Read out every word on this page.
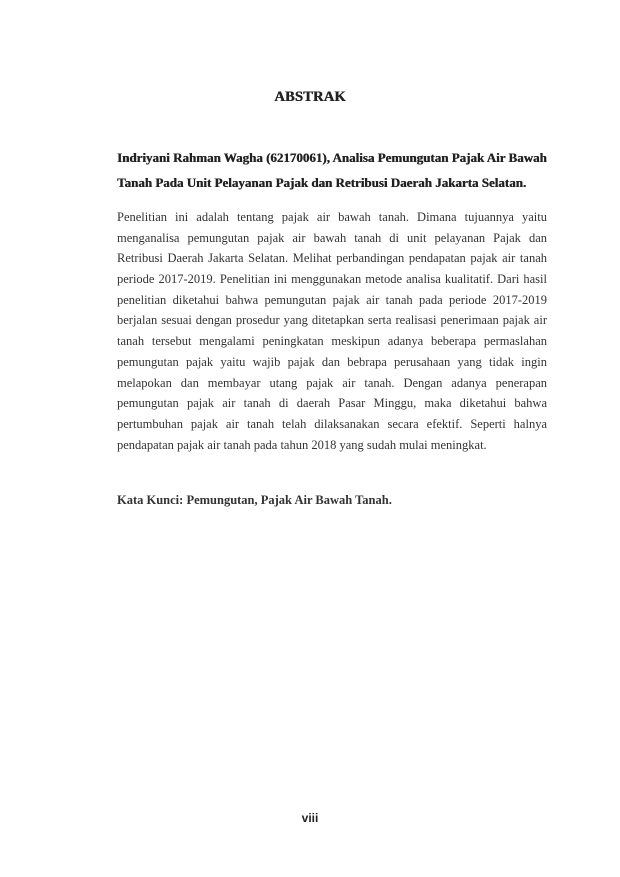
ABSTRAK
Indriyani Rahman Wagha (62170061), Analisa Pemungutan Pajak Air Bawah
Tanah Pada Unit Pelayanan Pajak dan Retribusi Daerah Jakarta Selatan.
Penelitian ini adalah tentang pajak air bawah tanah. Dimana tujuannya yaitu
menganalisa pemungutan pajak air bawah tanah di unit pelayanan Pajak dan
Retribusi Daerah Jakarta Selatan. Melihat perbandingan pendapatan pajak air tanah
periode 2017-2019. Penelitian ini menggunakan metode analisa kualitatif. Dari hasil
penelitian diketahui bahwa pemungutan pajak air tanah pada periode 2017-2019
berjalan sesuai dengan prosedur yang ditetapkan serta realisasi penerimaan pajak air
tanah tersebut mengalami peningkatan meskipun adanya beberapa permaslahan
pemungutan pajak yaitu wajib pajak dan bebrapa perusahaan yang tidak ingin
melapokan dan membayar utang pajak air tanah. Dengan adanya penerapan
pemungutan pajak air tanah di daerah Pasar Minggu, maka diketahui bahwa
pertumbuhan pajak air tanah telah dilaksanakan secara efektif. Seperti halnya
pendapatan pajak air tanah pada tahun 2018 yang sudah mulai meningkat.
Kata Kunci: Pemungutan, Pajak Air Bawah Tanah.
viii
